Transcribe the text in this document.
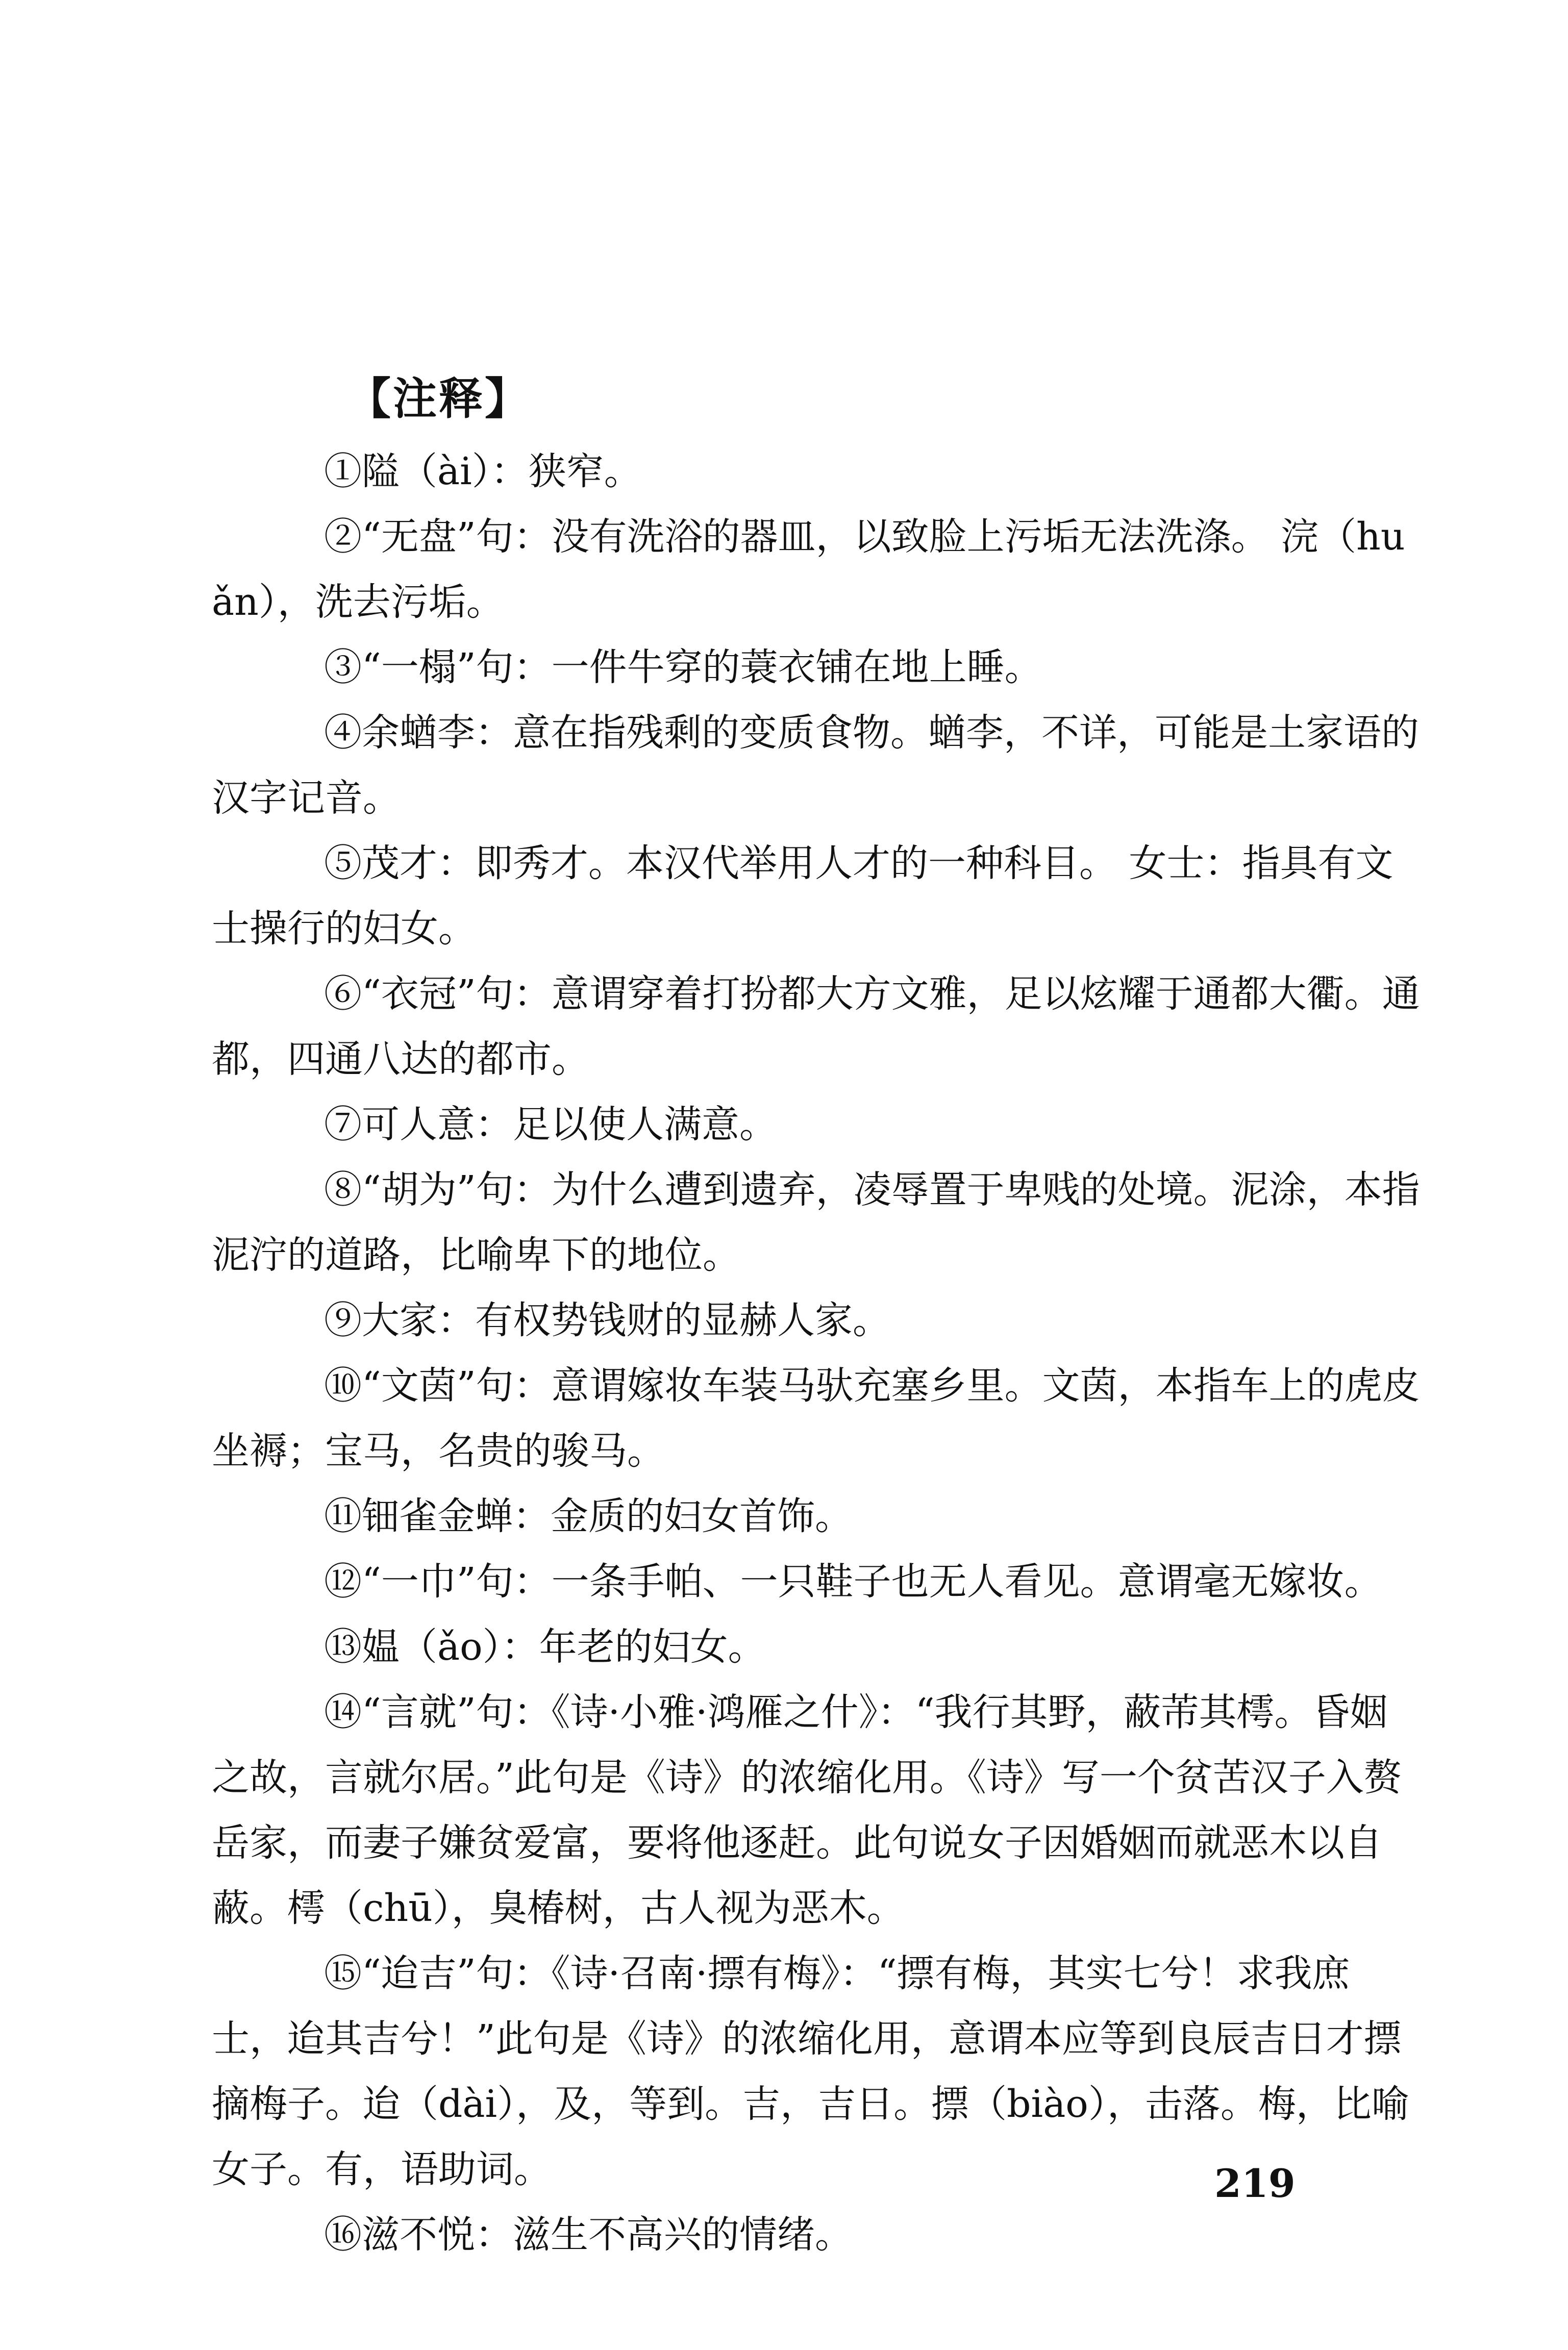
【注释】

①隘（ài）：狭窄。

②“无盘”句：没有洗浴的器皿，以致脸上污垢无法洗涤。 浣（huǎn），洗去污垢。

③“一榻”句：一件牛穿的蓑衣铺在地上睡。

④余蝤李：意在指残剩的变质食物。蝤李，不详，可能是土家语的汉字记音。

⑤茂才：即秀才。本汉代举用人才的一种科目。 女士：指具有文士操行的妇女。

⑥“衣冠”句：意谓穿着打扮都大方文雅，足以炫耀于通都大衢。通都，四通八达的都市。

⑦可人意：足以使人满意。

⑧“胡为”句：为什么遭到遗弃，凌辱置于卑贱的处境。泥涂，本指泥泞的道路，比喻卑下的地位。

⑨大家：有权势钱财的显赫人家。

⑩“文茵”句：意谓嫁妆车装马驮充塞乡里。文茵，本指车上的虎皮坐褥；宝马，名贵的骏马。

⑪钿雀金蝉：金质的妇女首饰。

⑫“一巾”句：一条手帕、一只鞋子也无人看见。意谓毫无嫁妆。

⑬媪（ǎo）：年老的妇女。

⑭“言就”句：《诗·小雅·鸿雁之什》：“我行其野，蔽芾其樗。昏姻之故，言就尔居。”此句是《诗》的浓缩化用。《诗》写一个贫苦汉子入赘岳家，而妻子嫌贫爱富，要将他逐赶。此句说女子因婚姻而就恶木以自蔽。樗（chū），臭椿树，古人视为恶木。

⑮“迨吉”句：《诗·召南·摽有梅》：“摽有梅，其实七兮！求我庶士，迨其吉兮！”此句是《诗》的浓缩化用，意谓本应等到良辰吉日才摽摘梅子。迨（dài），及，等到。吉，吉日。摽（biào），击落。梅，比喻女子。有，语助词。

⑯滋不悦：滋生不高兴的情绪。

219
